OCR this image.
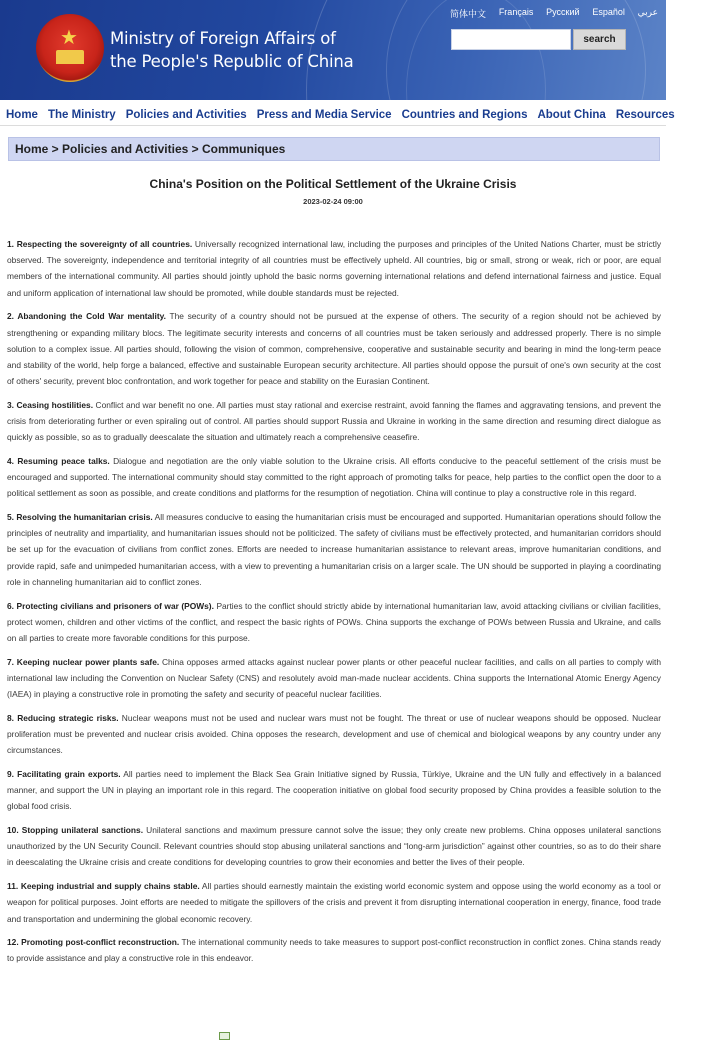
★ Ministry of Foreign Affairs of
the People's Republic of China
简体中文 Français Русский Español عربي
search
Home The Ministry Policies and Activities Press and Media Service Countries and Regions About China Resources
Home > Policies and Activities > Communiques
China's Position on the Political Settlement of the Ukraine Crisis
2023-02-24 09:00

1. Respecting the sovereignty of all countries. Universally recognized international law, including the purposes and principles of the United Nations Charter, must be strictly observed. The sovereignty, independence and territorial integrity of all countries must be effectively upheld. All countries, big or small, strong or weak, rich or poor, are equal members of the international community. All parties should jointly uphold the basic norms governing international relations and defend international fairness and justice. Equal and uniform application of international law should be promoted, while double standards must be rejected.

2. Abandoning the Cold War mentality. The security of a country should not be pursued at the expense of others. The security of a region should not be achieved by strengthening or expanding military blocs. The legitimate security interests and concerns of all countries must be taken seriously and addressed properly. There is no simple solution to a complex issue. All parties should, following the vision of common, comprehensive, cooperative and sustainable security and bearing in mind the long-term peace and stability of the world, help forge a balanced, effective and sustainable European security architecture. All parties should oppose the pursuit of one's own security at the cost of others' security, prevent bloc confrontation, and work together for peace and stability on the Eurasian Continent.

3. Ceasing hostilities. Conflict and war benefit no one. All parties must stay rational and exercise restraint, avoid fanning the flames and aggravating tensions, and prevent the crisis from deteriorating further or even spiraling out of control. All parties should support Russia and Ukraine in working in the same direction and resuming direct dialogue as quickly as possible, so as to gradually deescalate the situation and ultimately reach a comprehensive ceasefire.

4. Resuming peace talks. Dialogue and negotiation are the only viable solution to the Ukraine crisis. All efforts conducive to the peaceful settlement of the crisis must be encouraged and supported. The international community should stay committed to the right approach of promoting talks for peace, help parties to the conflict open the door to a political settlement as soon as possible, and create conditions and platforms for the resumption of negotiation. China will continue to play a constructive role in this regard.

5. Resolving the humanitarian crisis. All measures conducive to easing the humanitarian crisis must be encouraged and supported. Humanitarian operations should follow the principles of neutrality and impartiality, and humanitarian issues should not be politicized. The safety of civilians must be effectively protected, and humanitarian corridors should be set up for the evacuation of civilians from conflict zones. Efforts are needed to increase humanitarian assistance to relevant areas, improve humanitarian conditions, and provide rapid, safe and unimpeded humanitarian access, with a view to preventing a humanitarian crisis on a larger scale. The UN should be supported in playing a coordinating role in channeling humanitarian aid to conflict zones.

6. Protecting civilians and prisoners of war (POWs). Parties to the conflict should strictly abide by international humanitarian law, avoid attacking civilians or civilian facilities, protect women, children and other victims of the conflict, and respect the basic rights of POWs. China supports the exchange of POWs between Russia and Ukraine, and calls on all parties to create more favorable conditions for this purpose.

7. Keeping nuclear power plants safe. China opposes armed attacks against nuclear power plants or other peaceful nuclear facilities, and calls on all parties to comply with international law including the Convention on Nuclear Safety (CNS) and resolutely avoid man-made nuclear accidents. China supports the International Atomic Energy Agency (IAEA) in playing a constructive role in promoting the safety and security of peaceful nuclear facilities.

8. Reducing strategic risks. Nuclear weapons must not be used and nuclear wars must not be fought. The threat or use of nuclear weapons should be opposed. Nuclear proliferation must be prevented and nuclear crisis avoided. China opposes the research, development and use of chemical and biological weapons by any country under any circumstances.

9. Facilitating grain exports. All parties need to implement the Black Sea Grain Initiative signed by Russia, Türkiye, Ukraine and the UN fully and effectively in a balanced manner, and support the UN in playing an important role in this regard. The cooperation initiative on global food security proposed by China provides a feasible solution to the global food crisis.

10. Stopping unilateral sanctions. Unilateral sanctions and maximum pressure cannot solve the issue; they only create new problems. China opposes unilateral sanctions unauthorized by the UN Security Council. Relevant countries should stop abusing unilateral sanctions and “long-arm jurisdiction” against other countries, so as to do their share in deescalating the Ukraine crisis and create conditions for developing countries to grow their economies and better the lives of their people.

11. Keeping industrial and supply chains stable. All parties should earnestly maintain the existing world economic system and oppose using the world economy as a tool or weapon for political purposes. Joint efforts are needed to mitigate the spillovers of the crisis and prevent it from disrupting international cooperation in energy, finance, food trade and transportation and undermining the global economic recovery.

12. Promoting post-conflict reconstruction. The international community needs to take measures to support post-conflict reconstruction in conflict zones. China stands ready to provide assistance and play a constructive role in this endeavor.
